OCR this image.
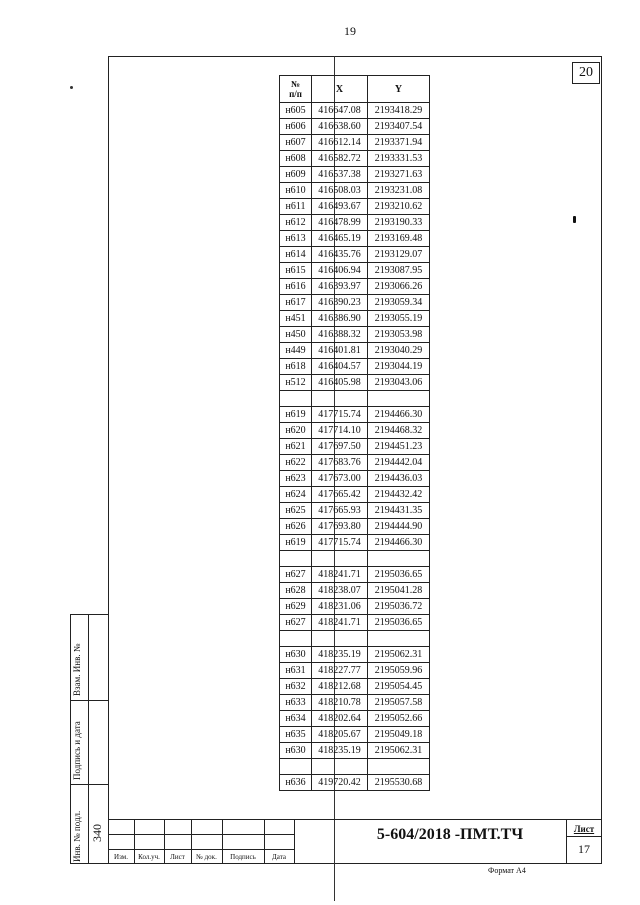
19
20
№
п/п	X	Y
н605	416647.08	2193418.29
н606	416638.60	2193407.54
н607	416612.14	2193371.94
н608	416582.72	2193331.53
н609	416537.38	2193271.63
н610	416508.03	2193231.08
н611	416493.67	2193210.62
н612	416478.99	2193190.33
н613	416465.19	2193169.48
н614	416435.76	2193129.07
н615	416406.94	2193087.95
н616	416393.97	2193066.26
н617	416390.23	2193059.34
н451	416386.90	2193055.19
н450	416388.32	2193053.98
н449	416401.81	2193040.29
н618	416404.57	2193044.19
н512	416405.98	2193043.06

н619	417715.74	2194466.30
н620	417714.10	2194468.32
н621	417697.50	2194451.23
н622	417683.76	2194442.04
н623	417673.00	2194436.03
н624	417665.42	2194432.42
н625	417665.93	2194431.35
н626	417693.80	2194444.90
н619	417715.74	2194466.30

н627	418241.71	2195036.65
н628	418238.07	2195041.28
н629	418231.06	2195036.72
н627	418241.71	2195036.65

н630	418235.19	2195062.31
н631	418227.77	2195059.96
н632	418212.68	2195054.45
н633	418210.78	2195057.58
н634	418202.64	2195052.66
н635	418205.67	2195049.18
н630	418235.19	2195062.31

н636	419720.42	2195530.68
Взам. Инв. №
Подпись и дата
Инв. № подл. 340
Изм.	Кол.уч.	Лист	№ док.	Подпись	Дата
5-604/2018 -ПМТ.ТЧ	Лист
17
Формат А4
